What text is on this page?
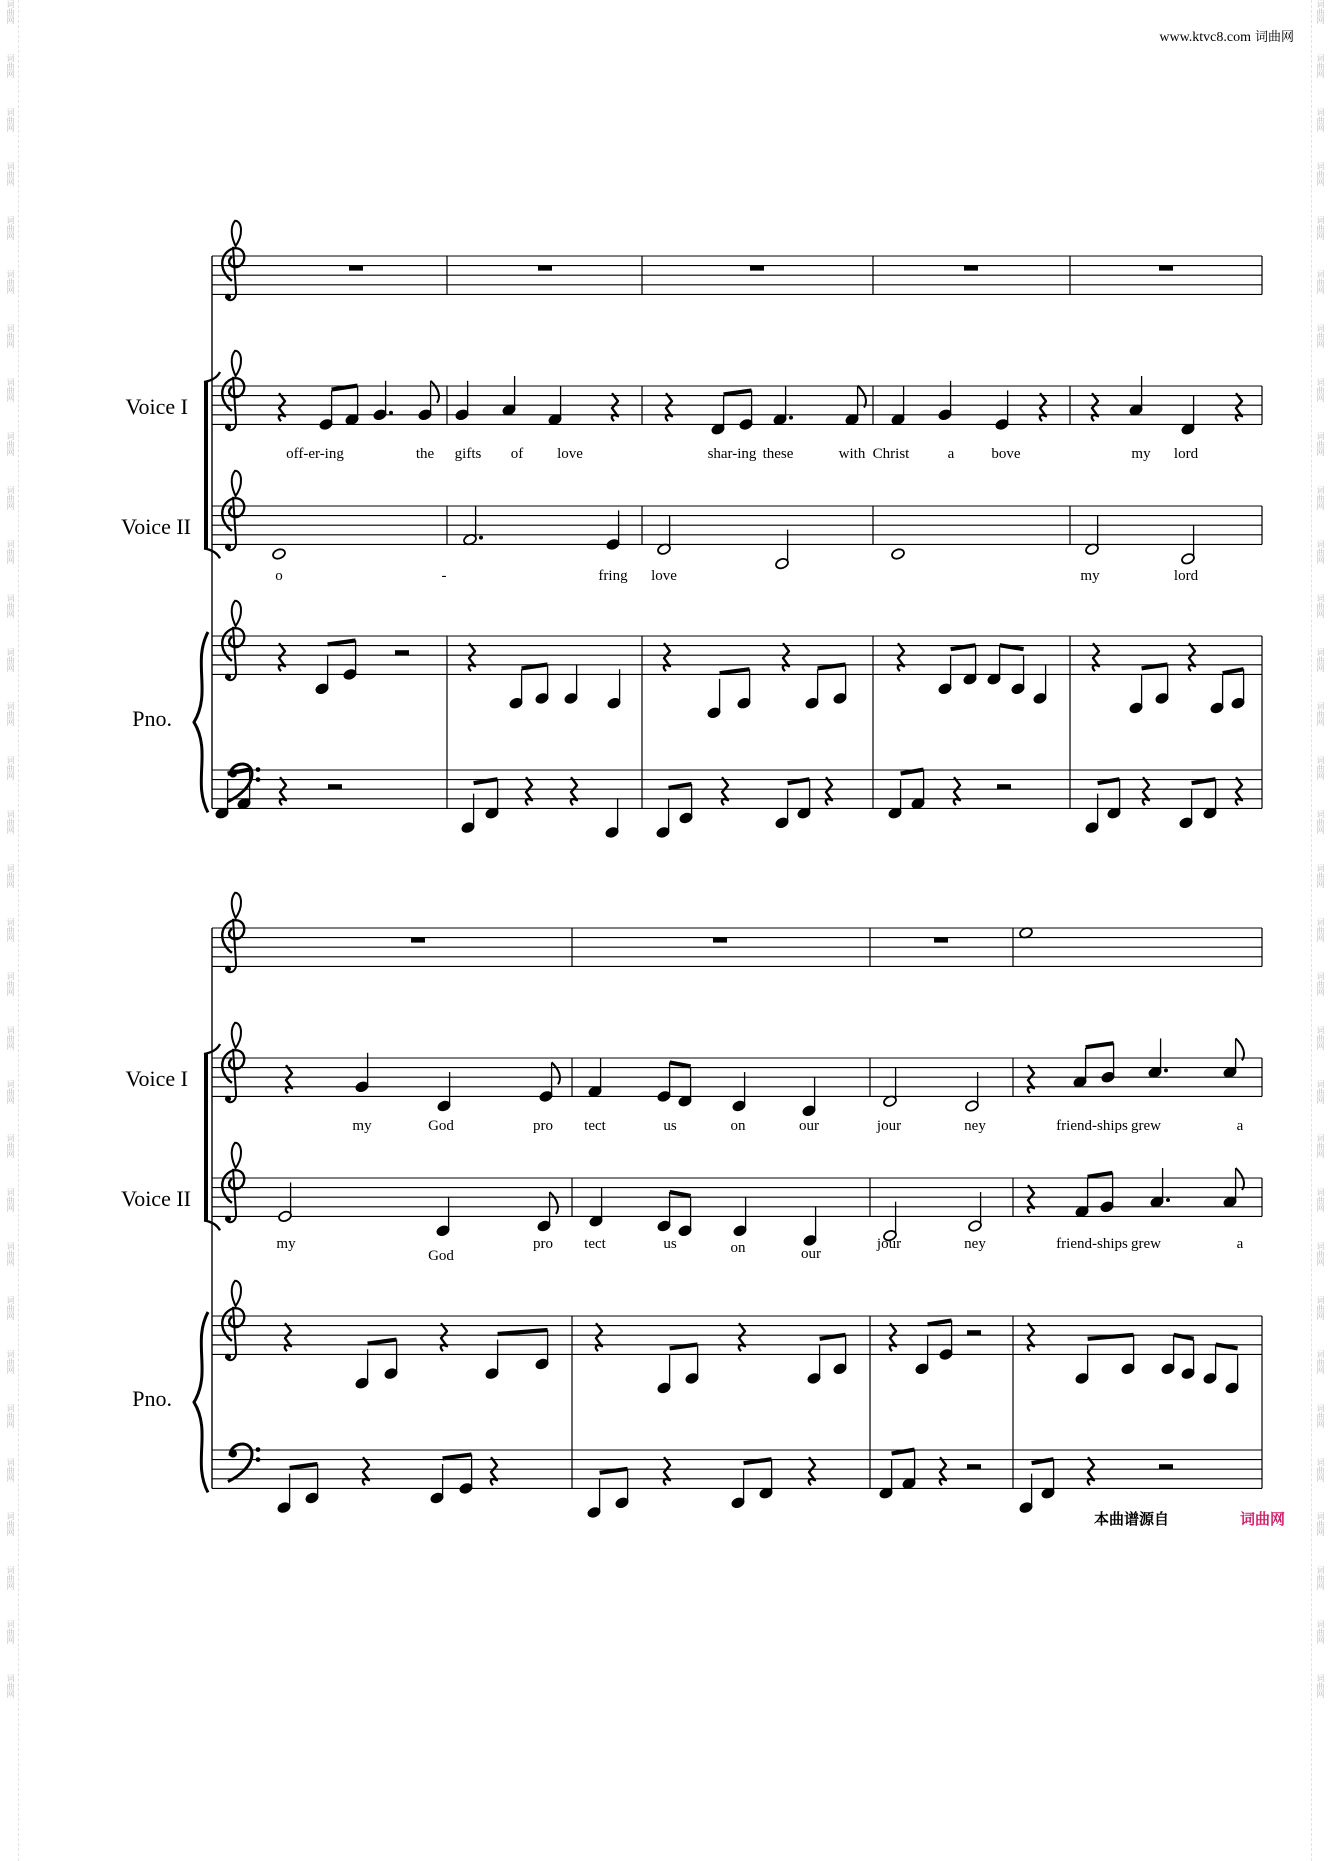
词曲网
词曲网
词曲网
词曲网
词曲网
词曲网
词曲网
词曲网
词曲网
词曲网
词曲网
词曲网
词曲网
词曲网
词曲网
词曲网
词曲网
词曲网
词曲网
词曲网
词曲网
词曲网
词曲网
词曲网
词曲网
词曲网
词曲网
词曲网
词曲网
词曲网
词曲网
词曲网
词曲网
词曲网
词曲网
词曲网
词曲网
词曲网
词曲网
词曲网
词曲网
词曲网
词曲网
词曲网
词曲网
词曲网
词曲网
词曲网
词曲网
词曲网
词曲网
词曲网
词曲网
词曲网
词曲网
词曲网
词曲网
词曲网
词曲网
词曲网
词曲网
词曲网
词曲网
词曲网
www.ktvc8.com 词曲网
Voice I
Voice II
Pno.
off-er-ing	the gifts of love	shar-ing these	with Christ	a bove	my lord
o	-	fring love	my	lord
Voice I
Voice II
Pno.
my	God	pro tect	us	on	our	jour	ney	friend-ships grew	a
my
God
pro tect	us	on	our
jour	ney	friend-ships grew	a
本曲谱源自	词曲网
